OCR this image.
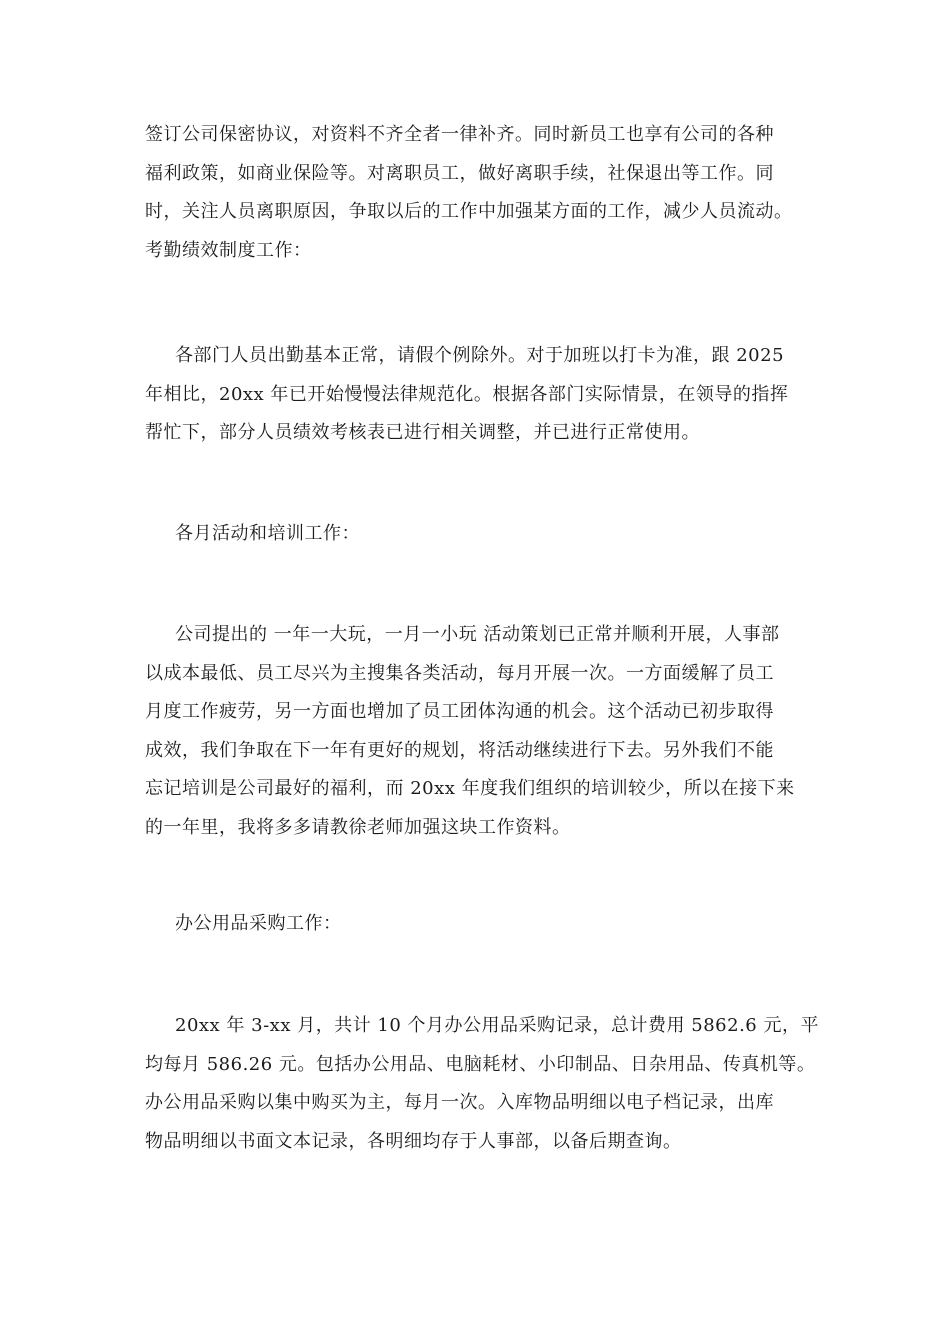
签订公司保密协议，对资料不齐全者一律补齐。同时新员工也享有公司的各种
福利政策，如商业保险等。对离职员工，做好离职手续，社保退出等工作。同
时，关注人员离职原因，争取以后的工作中加强某方面的工作，减少人员流动。
考勤绩效制度工作：
各部门人员出勤基本正常，请假个例除外。对于加班以打卡为准，跟 2025
年相比，20xx 年已开始慢慢法律规范化。根据各部门实际情景，在领导的指挥
帮忙下，部分人员绩效考核表已进行相关调整，并已进行正常使用。
各月活动和培训工作：
公司提出的 一年一大玩，一月一小玩 活动策划已正常并顺利开展，人事部
以成本最低、员工尽兴为主搜集各类活动，每月开展一次。一方面缓解了员工
月度工作疲劳，另一方面也增加了员工团体沟通的机会。这个活动已初步取得
成效，我们争取在下一年有更好的规划，将活动继续进行下去。另外我们不能
忘记培训是公司最好的福利，而 20xx 年度我们组织的培训较少，所以在接下来
的一年里，我将多多请教徐老师加强这块工作资料。
办公用品采购工作：
20xx 年 3-xx 月，共计 10 个月办公用品采购记录，总计费用 5862.6 元，平
均每月 586.26 元。包括办公用品、电脑耗材、小印制品、日杂用品、传真机等。
办公用品采购以集中购买为主，每月一次。入库物品明细以电子档记录，出库
物品明细以书面文本记录，各明细均存于人事部，以备后期查询。
